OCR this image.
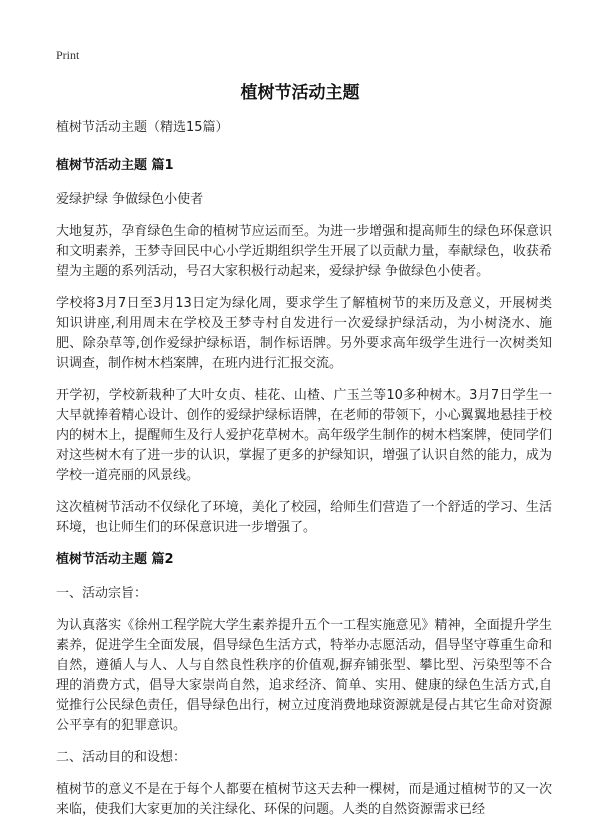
Print
植树节活动主题

植树节活动主题（精选15篇）

植树节活动主题 篇1

爱绿护绿 争做绿色小使者

大地复苏，孕育绿色生命的植树节应运而至。为进一步增强和提高师生的绿色环保意识和文明素养，王梦寺回民中心小学近期组织学生开展了以贡献力量，奉献绿色，收获希望为主题的系列活动，号召大家积极行动起来，爱绿护绿 争做绿色小使者。

学校将3月7日至3月13日定为绿化周，要求学生了解植树节的来历及意义，开展树类知识讲座,利用周末在学校及王梦寺村自发进行一次爱绿护绿活动，为小树浇水、施肥、除杂草等,创作爱绿护绿标语，制作标语牌。另外要求高年级学生进行一次树类知识调查，制作树木档案牌，在班内进行汇报交流。

开学初，学校新栽种了大叶女贞、桂花、山楂、广玉兰等10多种树木。3月7日学生一大早就捧着精心设计、创作的爱绿护绿标语牌，在老师的带领下，小心翼翼地悬挂于校内的树木上，提醒师生及行人爱护花草树木。高年级学生制作的树木档案牌，使同学们对这些树木有了进一步的认识，掌握了更多的护绿知识，增强了认识自然的能力，成为学校一道亮丽的风景线。

这次植树节活动不仅绿化了环境，美化了校园，给师生们营造了一个舒适的学习、生活环境，也让师生们的环保意识进一步增强了。

植树节活动主题 篇2

一、活动宗旨：

为认真落实《徐州工程学院大学生素养提升五个一工程实施意见》精神，全面提升学生素养，促进学生全面发展，倡导绿色生活方式，特举办志愿活动，倡导坚守尊重生命和自然，遵循人与人、人与自然良性秩序的价值观,摒弃铺张型、攀比型、污染型等不合理的消费方式，倡导大家崇尚自然，追求经济、简单、实用、健康的绿色生活方式,自觉推行公民绿色责任，倡导绿色出行，树立过度消费地球资源就是侵占其它生命对资源公平享有的犯罪意识。

二、活动目的和设想：

植树节的意义不是在于每个人都要在植树节这天去种一棵树，而是通过植树节的又一次来临，使我们大家更加的关注绿化、环保的问题。人类的自然资源需求已经
